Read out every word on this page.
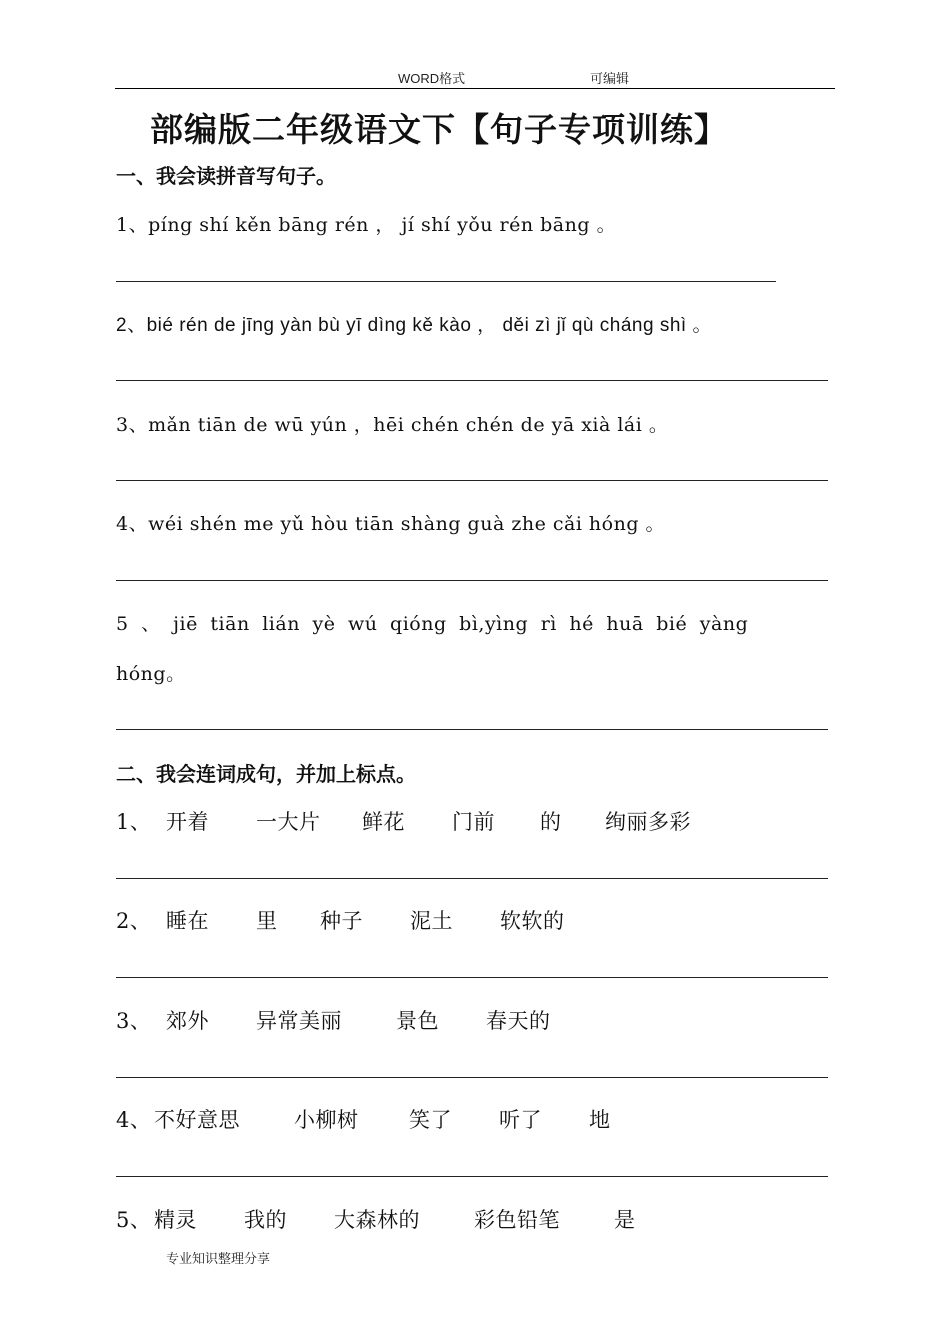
WORD格式	可编辑
部编版二年级语文下【句子专项训练】
一、我会读拼音写句子。
1、píng shí kěn bāng rén ， jí shí yǒu rén bāng 。
2、bié rén de jīnɡ yàn bù yī dìnɡ kě kào ， děi zì jǐ qù chánɡ shì 。
3、mǎn tiān de wū yún ，hēi chén chén de yā xià lái 。
4、wéi shén me yǔ hòu tiān shàng guà zhe cǎi hóng 。
5 、 jiē tiān lián yè wú qióng bì,yìng rì hé huā bié yàng
hóng。
二、我会连词成句，并加上标点。
1、 开着 一大片 鲜花 门前 的 绚丽多彩
2、 睡在 里 种子 泥土 软软的
3、 郊外 异常美丽	景色 春天的
4、 不好意思	小柳树 笑了 听了 地
5、 精灵 我的 大森林的	彩色铅笔	是
专业知识整理分享
